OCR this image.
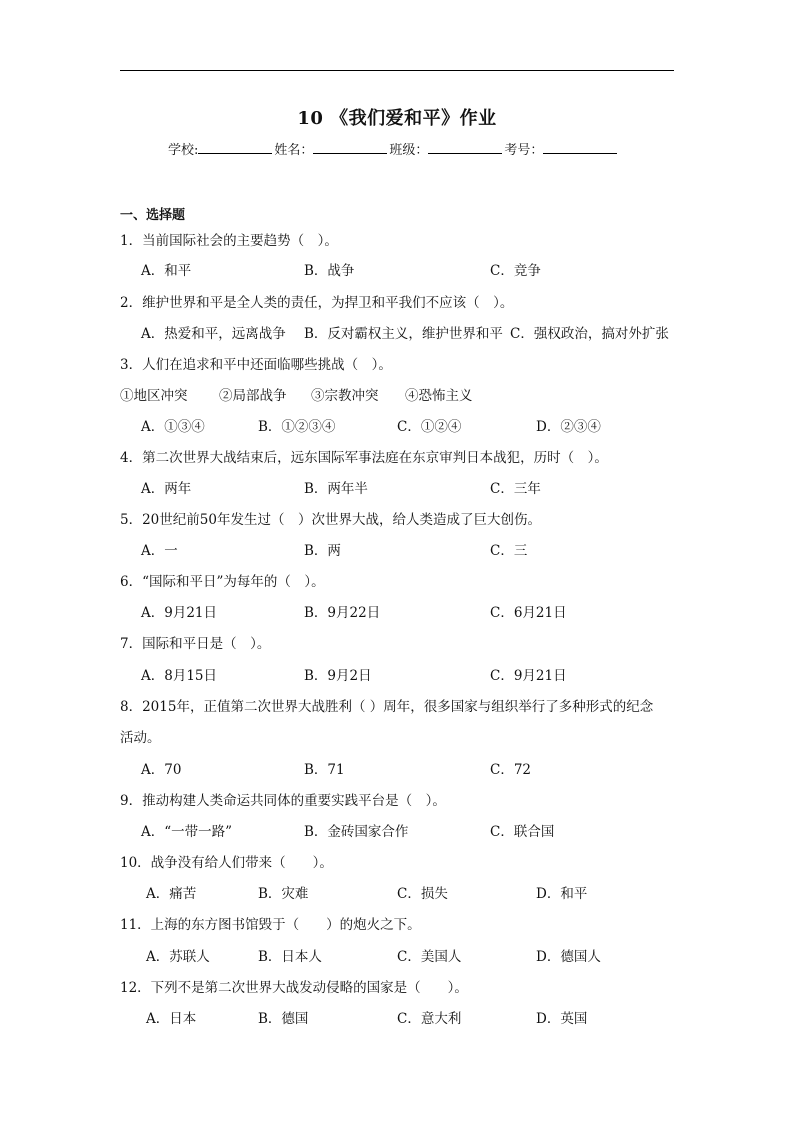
10 《我们爱和平》作业
学校:	姓名：	班级：	考号：
一、选择题
1．当前国际社会的主要趋势（　）。
A．和平	B．战争	C．竞争
2．维护世界和平是全人类的责任，为捍卫和平我们不应该（　）。
A．热爱和平，远离战争 B．反对霸权主义，维护世界和平 C．强权政治，搞对外扩张
3．人们在追求和平中还面临哪些挑战（　）。
①地区冲突 ②局部战争 ③宗教冲突 ④恐怖主义
A．①③④	B．①②③④	C．①②④	D．②③④
4．第二次世界大战结束后，远东国际军事法庭在东京审判日本战犯，历时（　）。
A．两年	B．两年半	C．三年
5．20世纪前50年发生过（　）次世界大战，给人类造成了巨大创伤。
A．一	B．两	C．三
6．“国际和平日”为每年的（　）。
A．9月21日	B．9月22日	C．6月21日
7．国际和平日是（　）。
A．8月15日	B．9月2日	C．9月21日
8．2015年，正值第二次世界大战胜利（ ）周年，很多国家与组织举行了多种形式的纪念
活动。
A．70	B．71	C．72
9．推动构建人类命运共同体的重要实践平台是（　）。
A．“一带一路”	B．金砖国家合作	C．联合国
10．战争没有给人们带来（　　）。
A．痛苦	B．灾难	C．损失	D．和平
11．上海的东方图书馆毁于（　　）的炮火之下。
A．苏联人	B．日本人	C．美国人	D．德国人
12．下列不是第二次世界大战发动侵略的国家是（　　）。
A．日本	B．德国	C．意大利	D．英国
